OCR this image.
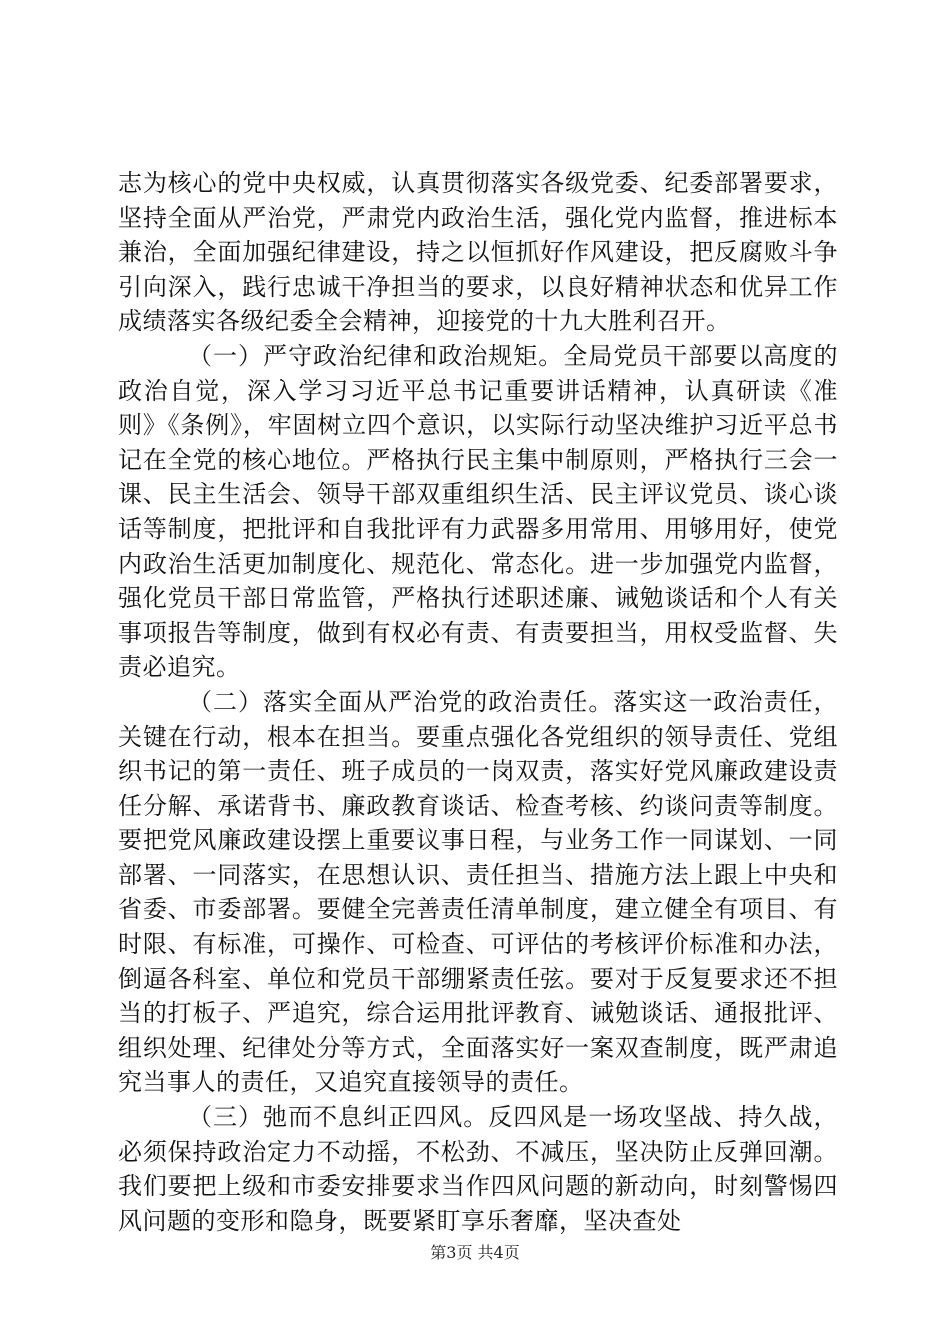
志为核心的党中央权威，认真贯彻落实各级党委、纪委部署要求，坚持全面从严治党，严肃党内政治生活，强化党内监督，推进标本兼治，全面加强纪律建设，持之以恒抓好作风建设，把反腐败斗争引向深入，践行忠诚干净担当的要求，以良好精神状态和优异工作成绩落实各级纪委全会精神，迎接党的十九大胜利召开。

（一）严守政治纪律和政治规矩。全局党员干部要以高度的政治自觉，深入学习习近平总书记重要讲话精神，认真研读《准则》《条例》，牢固树立四个意识，以实际行动坚决维护习近平总书记在全党的核心地位。严格执行民主集中制原则，严格执行三会一课、民主生活会、领导干部双重组织生活、民主评议党员、谈心谈话等制度，把批评和自我批评有力武器多用常用、用够用好，使党内政治生活更加制度化、规范化、常态化。进一步加强党内监督，强化党员干部日常监管，严格执行述职述廉、诫勉谈话和个人有关事项报告等制度，做到有权必有责、有责要担当，用权受监督、失责必追究。

（二）落实全面从严治党的政治责任。落实这一政治责任，关键在行动，根本在担当。要重点强化各党组织的领导责任、党组织书记的第一责任、班子成员的一岗双责，落实好党风廉政建设责任分解、承诺背书、廉政教育谈话、检查考核、约谈问责等制度。要把党风廉政建设摆上重要议事日程，与业务工作一同谋划、一同部署、一同落实，在思想认识、责任担当、措施方法上跟上中央和省委、市委部署。要健全完善责任清单制度，建立健全有项目、有时限、有标准，可操作、可检查、可评估的考核评价标准和办法，倒逼各科室、单位和党员干部绷紧责任弦。要对于反复要求还不担当的打板子、严追究，综合运用批评教育、诫勉谈话、通报批评、组织处理、纪律处分等方式，全面落实好一案双查制度，既严肃追究当事人的责任，又追究直接领导的责任。

（三）弛而不息纠正四风。反四风是一场攻坚战、持久战，必须保持政治定力不动摇，不松劲、不减压，坚决防止反弹回潮。我们要把上级和市委安排要求当作四风问题的新动向，时刻警惕四风问题的变形和隐身，既要紧盯享乐奢靡，坚决查处

第3页 共4页
